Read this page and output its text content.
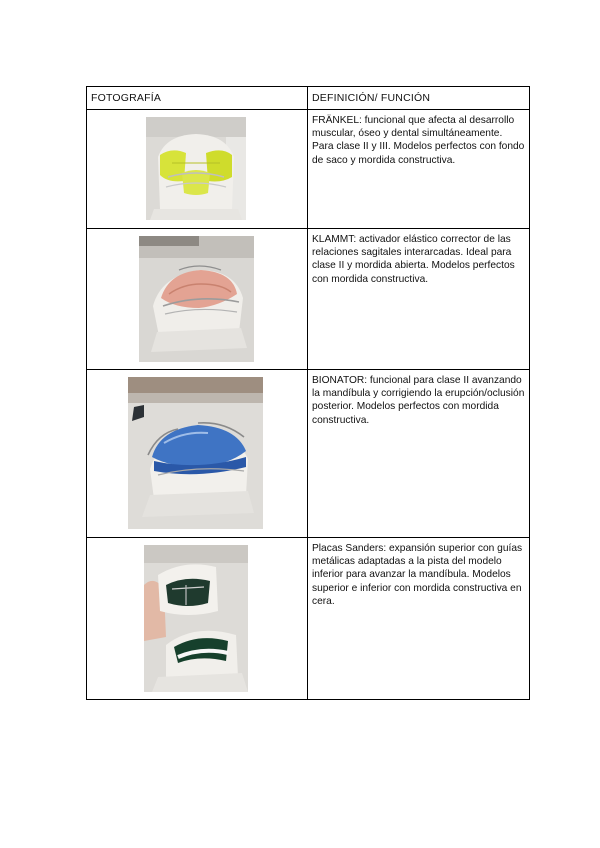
FOTOGRAFÍA	DEFINICIÓN/ FUNCIÓN

	FRÄNKEL: funcional que afecta al desarrollo muscular, óseo y dental simultáneamente. Para clase II y III. Modelos perfectos con fondo de saco y mordida constructiva.

	KLAMMT: activador elástico corrector de las relaciones sagitales interarcadas. Ideal para clase II y mordida abierta. Modelos perfectos con mordida constructiva.

	BIONATOR: funcional para clase II avanzando la mandíbula y corrigiendo la erupción/oclusión posterior. Modelos perfectos con mordida constructiva.

	Placas Sanders: expansión superior con guías metálicas adaptadas a la pista del modelo inferior para avanzar la mandíbula. Modelos superior e inferior con mordida constructiva en cera.
